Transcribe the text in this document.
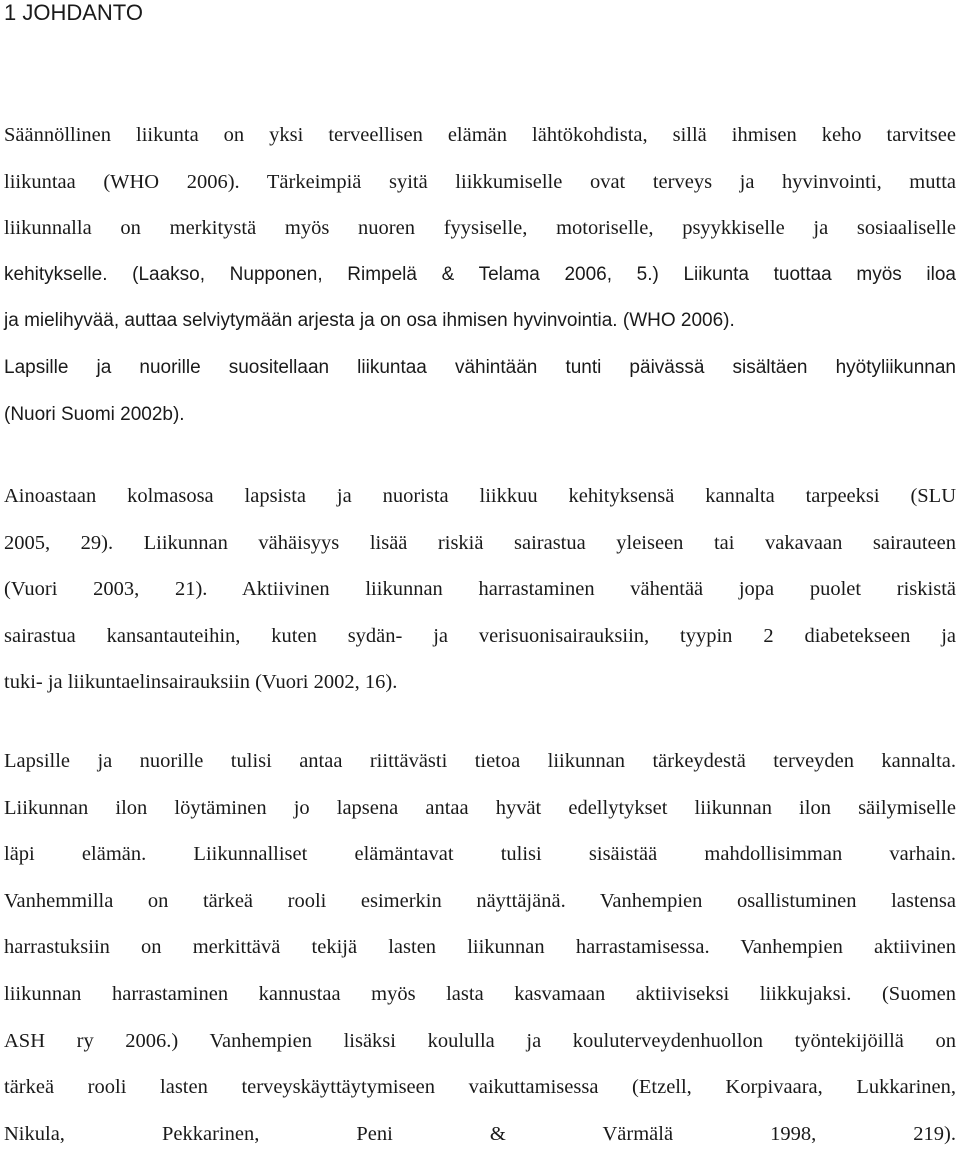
1 JOHDANTO
Säännöllinen liikunta on yksi terveellisen elämän lähtökohdista, sillä ihmisen keho tarvitsee
liikuntaa (WHO 2006). Tärkeimpiä syitä liikkumiselle ovat terveys ja hyvinvointi, mutta
liikunnalla on merkitystä myös nuoren fyysiselle, motoriselle, psyykkiselle ja sosiaaliselle
kehitykselle. (Laakso, Nupponen, Rimpelä & Telama 2006, 5.) Liikunta tuottaa myös iloa
ja mielihyvää, auttaa selviytymään arjesta ja on osa ihmisen hyvinvointia. (WHO 2006).
Lapsille ja nuorille suositellaan liikuntaa vähintään tunti päivässä sisältäen hyötyliikunnan
(Nuori Suomi 2002b).
Ainoastaan kolmasosa lapsista ja nuorista liikkuu kehityksensä kannalta tarpeeksi (SLU
2005, 29). Liikunnan vähäisyys lisää riskiä sairastua yleiseen tai vakavaan sairauteen
(Vuori 2003, 21). Aktiivinen liikunnan harrastaminen vähentää jopa puolet riskistä
sairastua kansantauteihin, kuten sydän- ja verisuonisairauksiin, tyypin 2 diabetekseen ja
tuki- ja liikuntaelinsairauksiin (Vuori 2002, 16).
Lapsille ja nuorille tulisi antaa riittävästi tietoa liikunnan tärkeydestä terveyden kannalta.
Liikunnan ilon löytäminen jo lapsena antaa hyvät edellytykset liikunnan ilon säilymiselle
läpi elämän. Liikunnalliset elämäntavat tulisi sisäistää mahdollisimman varhain.
Vanhemmilla on tärkeä rooli esimerkin näyttäjänä. Vanhempien osallistuminen lastensa
harrastuksiin on merkittävä tekijä lasten liikunnan harrastamisessa. Vanhempien aktiivinen
liikunnan harrastaminen kannustaa myös lasta kasvamaan aktiiviseksi liikkujaksi. (Suomen
ASH ry 2006.) Vanhempien lisäksi koululla ja kouluterveydenhuollon työntekijöillä on
tärkeä rooli lasten terveyskäyttäytymiseen vaikuttamisessa (Etzell, Korpivaara, Lukkarinen,
Nikula, Pekkarinen, Peni & Värmälä 1998, 219).
